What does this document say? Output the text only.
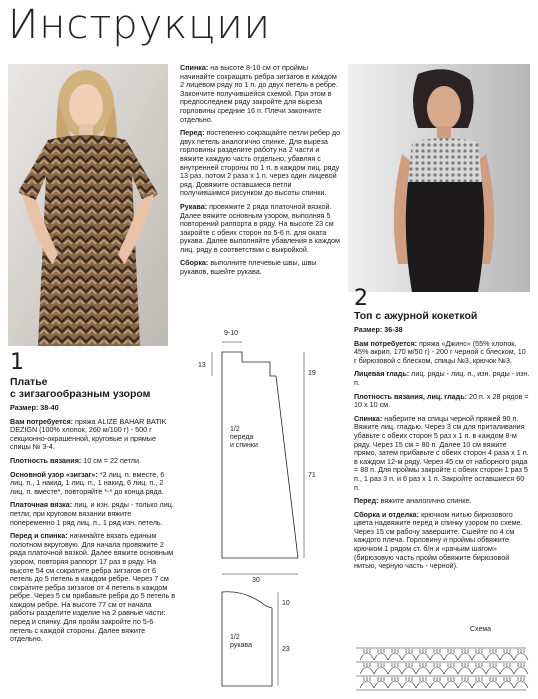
Инструкции
1
Платье
с зигзагообразным узором

Размер: 38-40

Вам потребуется: пряжа ALIZE BAHAR BATIK DEZIGN (100% хлопок, 260 м/100 г) - 500 г секционно-окрашенной, круговые и прямые спицы № 3-4.

Плотность вязания: 10 см = 22 петли.

Основной узор «зигзаг»: *2 лиц. п. вместе, 6 лиц. п., 1 накид, 1 лиц. п., 1 накид, 6 лиц. п., 2 лиц. п. вместе*, повторяйте *-* до конца ряда.

Платочная вязка: лиц. и изн. ряды - только лиц. петли; при круговом вязании вяжите попеременно 1 ряд лиц. п., 1 ряд изн. петель.

Перед и спинка: начинайте вязать единым полотном вкруговую. Для начала провяжите 2 ряда платочной вязкой. Далее вяжите основным узором, повторяя раппорт 17 раз в ряду. На высоте 54 см сократите ребра зигзагов от 6 петель до 5 петель в каждом ребре. Через 7 см сократите ребра зигзагов от 4 петель в каждом ребре. Через 5 см прибавьте ребра до 5 петель в каждом ребре. На высоте 77 см от начала работы разделите изделие на 2 равные части: перед и спинку. Для пройм закройте по 5-6 петель с каждой стороны. Далее вяжите отдельно.

Спинка: на высоте 8-10 см от проймы начинайте сокращать ребра зигзагов в каждом 2 лицевом ряду по 1 п. до двух петель в ребре. Закончите получившейся схемой. При этом в предпоследнем ряду закройте для выреза горловины средние 16 п. Плечи закончите отдельно.

Перед: постепенно сокращайте петли ребер до двух петель аналогично спинке. Для выреза горловины разделите работу на 2 части и вяжите каждую часть отдельно, убавляя с внутренней стороны по 1 п. в каждом лиц. ряду 13 раз, потом 2 раза х 1 п. через один лицевой ряд. Довяжите оставшиеся петли получившимся рисунком до высоты спинки.

Рукава: провяжите 2 ряда платочной вязкой. Далее вяжите основным узором, выполняя 5 повторений раппорта в ряду. На высоте 23 см закройте с обеих сторон по 5-6 п. для оката рукава. Далее выполняйте убавления в каждом лиц. ряду в соответствии с выкройкой.

Сборка: выполните плечевые швы, швы рукавов, вшейте рукава.

9-10
13
19
71
30
1/2
переда
и спинки
10
23
1/2
рукава
2
Топ с ажурной кокеткой

Размер: 36-38

Вам потребуется: пряжа «Джинс» (55% хлопок, 45% акрил, 170 м/50 г) - 200 г черной с блеском, 10 г бирюзовой с блеском, спицы №3, крючок №3.

Лицевая гладь: лиц. ряды - лиц. п., изн. ряды - изн. п.

Плотность вязания, лиц. гладь: 20 п. х 28 рядов = 10 х 10 см.

Спинка: наберите на спицы черной пряжей 90 п. Вяжите лиц. гладью. Через 3 см для приталивания убавьте с обеих сторон 5 раз х 1 п. в каждом 8-м ряду. Через 15 см = 80 п. Далее 10 см вяжите прямо, затем прибавьте с обеих сторон 4 раза х 1 п. в каждом 12-м ряду. Через 45 см от наборного ряда = 88 п. Для проймы закройте с обеих сторон 1 раз 5 п., 1 раз 3 п. и 6 раз х 1 п. Закройте оставшиеся 60 п.

Перед: вяжите аналогично спинке.

Сборка и отделка: крючком нитью бирюзового цвета надвяжите перед и спинку узором по схеме. Через 15 см рабочу завершите. Сшейте по 4 см каждого плеча. Горловину и проймы обвяжите крючком 1 рядом ст. б/н и «рачьим шагом» (бирюзовую часть пройм обвяжите бирюзовой нитью, черную часть - черной).

Схема
